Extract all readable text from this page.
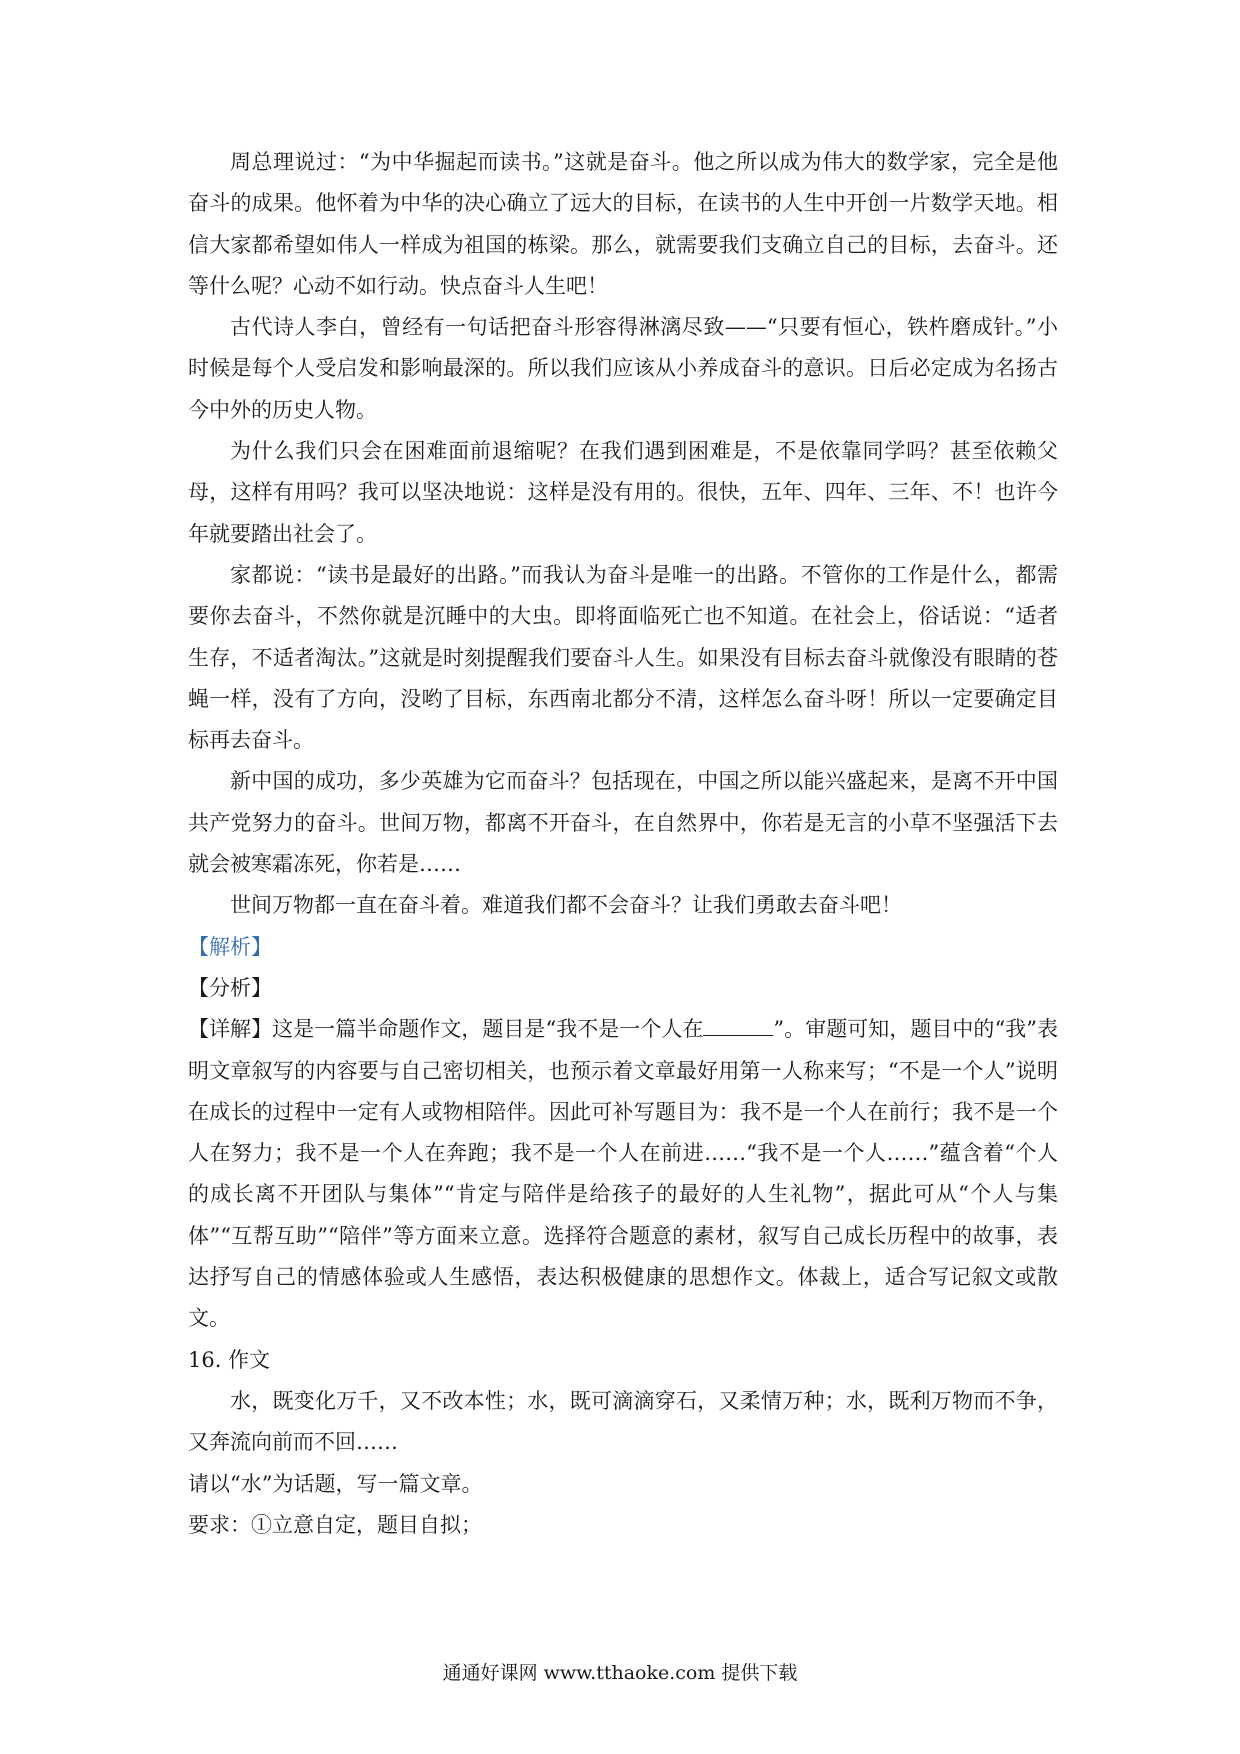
周总理说过：“为中华掘起而读书。”这就是奋斗。他之所以成为伟大的数学家，完全是他奋斗的成果。他怀着为中华的决心确立了远大的目标，在读书的人生中开创一片数学天地。相信大家都希望如伟人一样成为祖国的栋梁。那么，就需要我们支确立自己的目标，去奋斗。还等什么呢？心动不如行动。快点奋斗人生吧！

古代诗人李白，曾经有一句话把奋斗形容得淋漓尽致——“只要有恒心，铁杵磨成针。”小时候是每个人受启发和影响最深的。所以我们应该从小养成奋斗的意识。日后必定成为名扬古今中外的历史人物。

为什么我们只会在困难面前退缩呢？在我们遇到困难是，不是依靠同学吗？甚至依赖父母，这样有用吗？我可以坚决地说：这样是没有用的。很快，五年、四年、三年、不！也许今年就要踏出社会了。

家都说：“读书是最好的出路。”而我认为奋斗是唯一的出路。不管你的工作是什么，都需要你去奋斗，不然你就是沉睡中的大虫。即将面临死亡也不知道。在社会上，俗话说：“适者生存，不适者淘汰。”这就是时刻提醒我们要奋斗人生。如果没有目标去奋斗就像没有眼睛的苍蝇一样，没有了方向，没哟了目标，东西南北都分不清，这样怎么奋斗呀！所以一定要确定目标再去奋斗。

新中国的成功，多少英雄为它而奋斗？包括现在，中国之所以能兴盛起来，是离不开中国共产党努力的奋斗。世间万物，都离不开奋斗，在自然界中，你若是无言的小草不坚强活下去就会被寒霜冻死，你若是……

世间万物都一直在奋斗着。难道我们都不会奋斗？让我们勇敢去奋斗吧！

【解析】

【分析】

【详解】这是一篇半命题作文，题目是“我不是一个人在	”。审题可知，题目中的“我”表明文章叙写的内容要与自己密切相关，也预示着文章最好用第一人称来写；“不是一个人”说明在成长的过程中一定有人或物相陪伴。因此可补写题目为：我不是一个人在前行；我不是一个人在努力；我不是一个人在奔跑；我不是一个人在前进……“我不是一个人……”蕴含着“个人的成长离不开团队与集体”“肯定与陪伴是给孩子的最好的人生礼物”，据此可从“个人与集体”“互帮互助”“陪伴”等方面来立意。选择符合题意的素材，叙写自己成长历程中的故事，表达抒写自己的情感体验或人生感悟，表达积极健康的思想作文。体裁上，适合写记叙文或散文。

16. 作文

水，既变化万千，又不改本性；水，既可滴滴穿石，又柔情万种；水，既利万物而不争，又奔流向前而不回……

请以“水”为话题，写一篇文章。

要求：①立意自定，题目自拟；

通通好课网 www.tthaoke.com 提供下载
